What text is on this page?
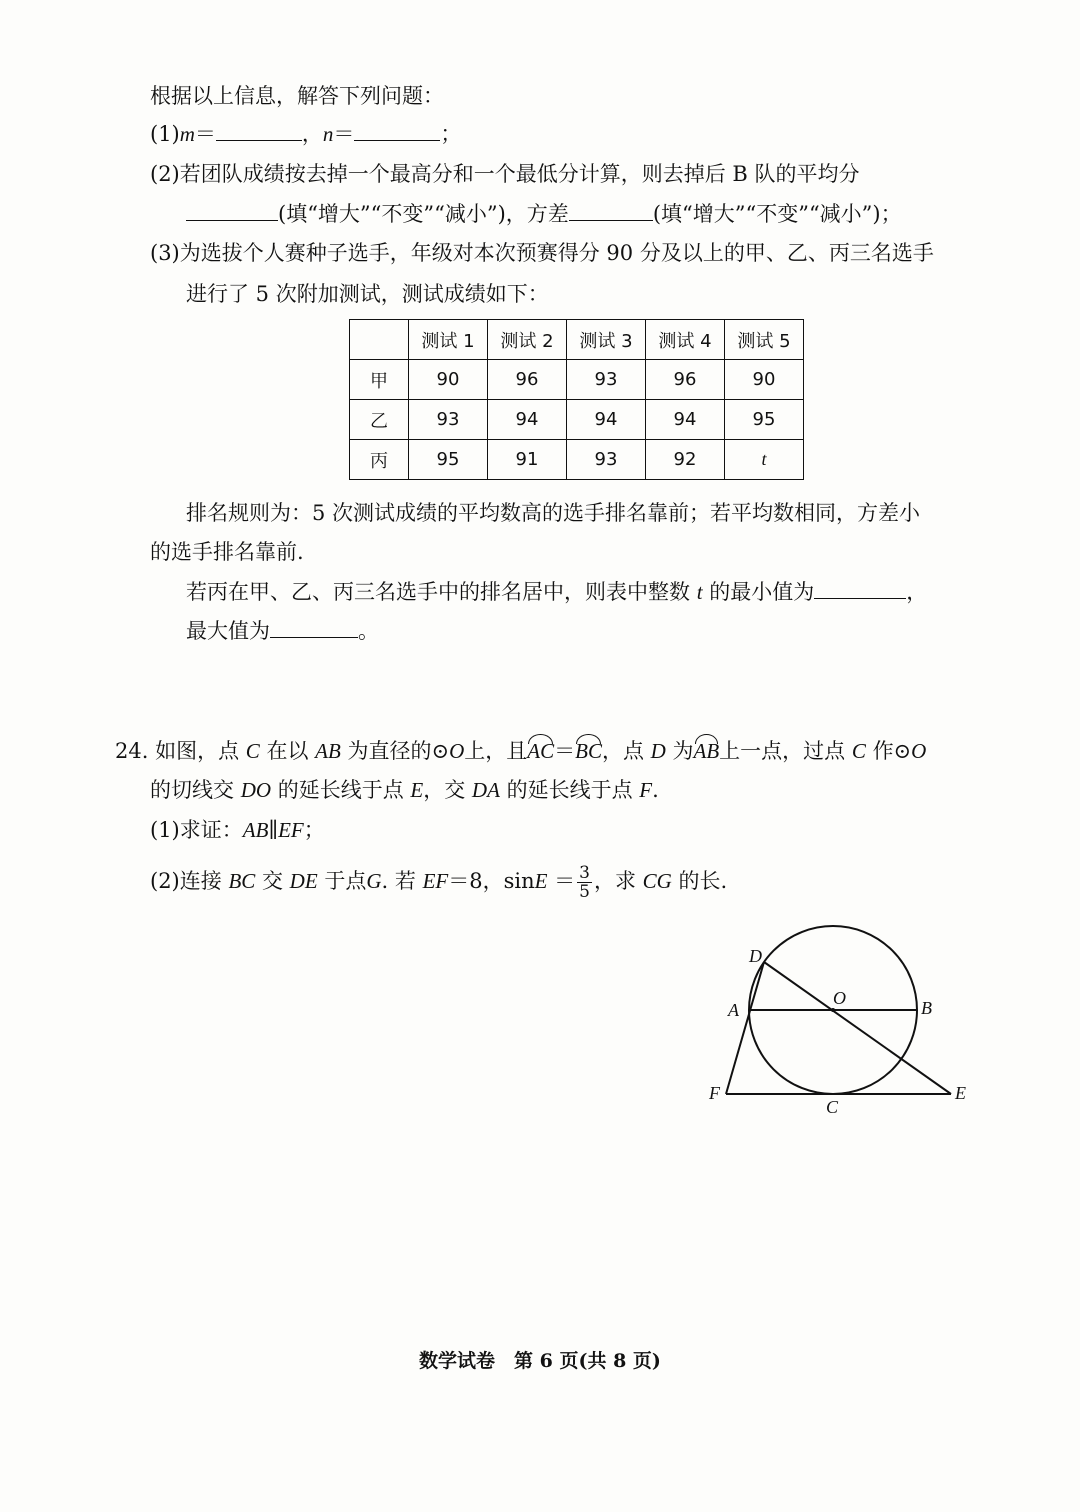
根据以上信息，解答下列问题：
(1)m＝	，n＝	；
(2)若团队成绩按去掉一个最高分和一个最低分计算，则去掉后 B 队的平均分
(填“增大”“不变”“减小”)，方差	(填“增大”“不变”“减小”)；
(3)为选拔个人赛种子选手，年级对本次预赛得分 90 分及以上的甲、乙、丙三名选手
进行了 5 次附加测试，测试成绩如下：
	测试 1	测试 2	测试 3	测试 4	测试 5
甲	90	96	93	96	90
乙	93	94	94	94	95
丙	95	91	93	92	t
排名规则为：5 次测试成绩的平均数高的选手排名靠前；若平均数相同，方差小
的选手排名靠前.
若丙在甲、乙、丙三名选手中的排名居中，则表中整数 t 的最小值为	，
最大值为	。
24. 如图，点 C 在以 AB 为直径的⊙O上，且AC＝BC，点 D 为AB上一点，过点 C 作⊙O
的切线交 DO 的延长线于点 E，交 DA 的延长线于点 F.
(1)求证：AB∥EF；
(2)连接 BC 交 DE 于点G. 若 EF＝8，$\sin E = \frac{3}{5}$ ，求 CG 的长.
D
O
A	B
F
C
E
数学试卷　第 6 页(共 8 页)
